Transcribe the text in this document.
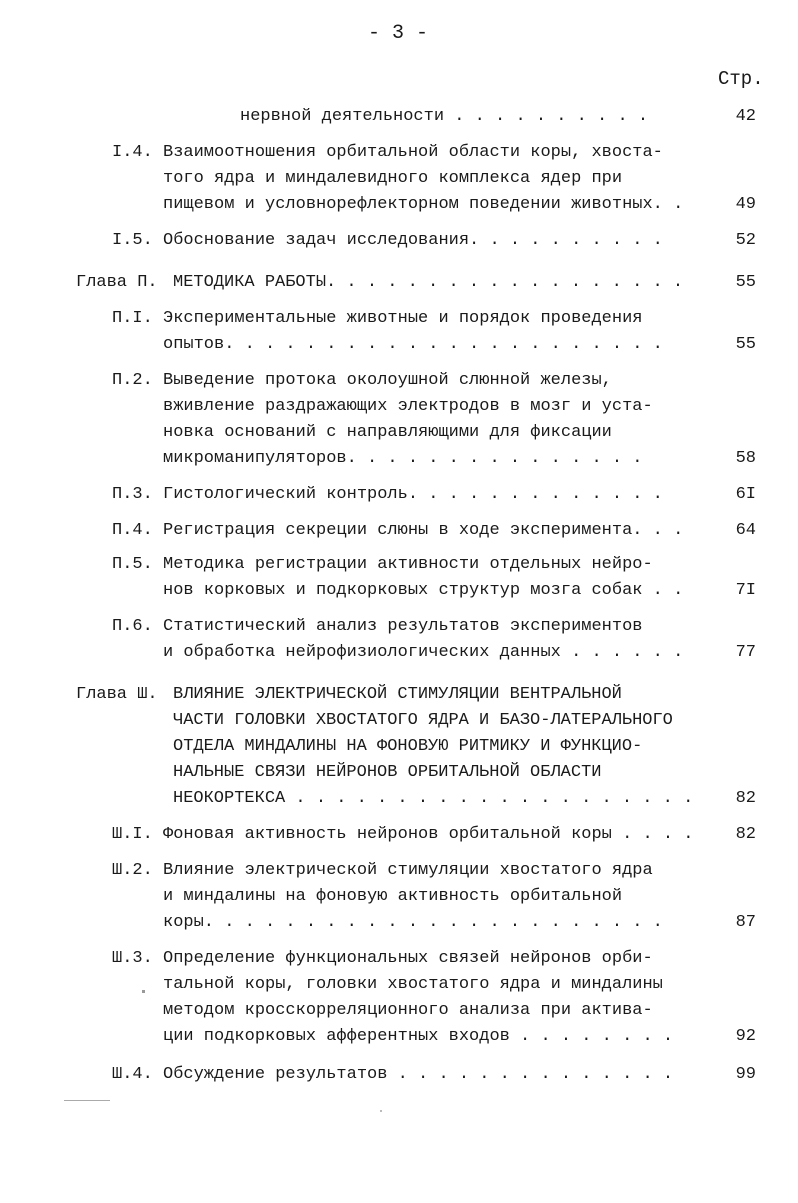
- 3 -
Стр.
нервной деятельности . . . . . . . . . .	42
I.4. Взаимоотношения орбитальной области коры, хвоста-
того ядра и миндалевидного комплекса ядер при
пищевом и условнорефлекторном поведении животных. .	49
I.5. Обоснование задач исследования. . . . . . . . . .	52
Глава П. МЕТОДИКА РАБОТЫ. . . . . . . . . . . . . . . . . .	55
П.I. Экспериментальные животные и порядок проведения
опытов. . . . . . . . . . . . . . . . . . . . . .	55
П.2. Выведение протока околоушной слюнной железы,
вживление раздражающих электродов в мозг и уста-
новка оснований с направляющими для фиксации
микроманипуляторов. . . . . . . . . . . . . . .	58
П.3. Гистологический контроль. . . . . . . . . . . . .	6I
П.4. Регистрация секреции слюны в ходе эксперимента. . .	64
П.5. Методика регистрации активности отдельных нейро-
нов корковых и подкорковых структур мозга собак . .	7I
П.6. Статистический анализ результатов экспериментов
и обработка нейрофизиологических данных . . . . . .	77
Глава Ш. ВЛИЯНИЕ ЭЛЕКТРИЧЕСКОЙ СТИМУЛЯЦИИ ВЕНТРАЛЬНОЙ
ЧАСТИ ГОЛОВКИ ХВОСТАТОГО ЯДРА И БАЗО-ЛАТЕРАЛЬНОГО
ОТДЕЛА МИНДАЛИНЫ НА ФОНОВУЮ РИТМИКУ И ФУНКЦИО-
НАЛЬНЫЕ СВЯЗИ НЕЙРОНОВ ОРБИТАЛЬНОЙ ОБЛАСТИ
НЕОКОРТЕКСА . . . . . . . . . . . . . . . . . . . . 82
Ш.I. Фоновая активность нейронов орбитальной коры . . . . 82
Ш.2. Влияние электрической стимуляции хвостатого ядра
и миндалины на фоновую активность орбитальной
коры. . . . . . . . . . . . . . . . . . . . . . .	87
Ш.3. Определение функциональных связей нейронов орби-
тальной коры, головки хвостатого ядра и миндалины
методом кросскорреляционного анализа при актива-
ции подкорковых афферентных входов . . . . . . . .	92
Ш.4. Обсуждение результатов . . . . . . . . . . . . . .	99
